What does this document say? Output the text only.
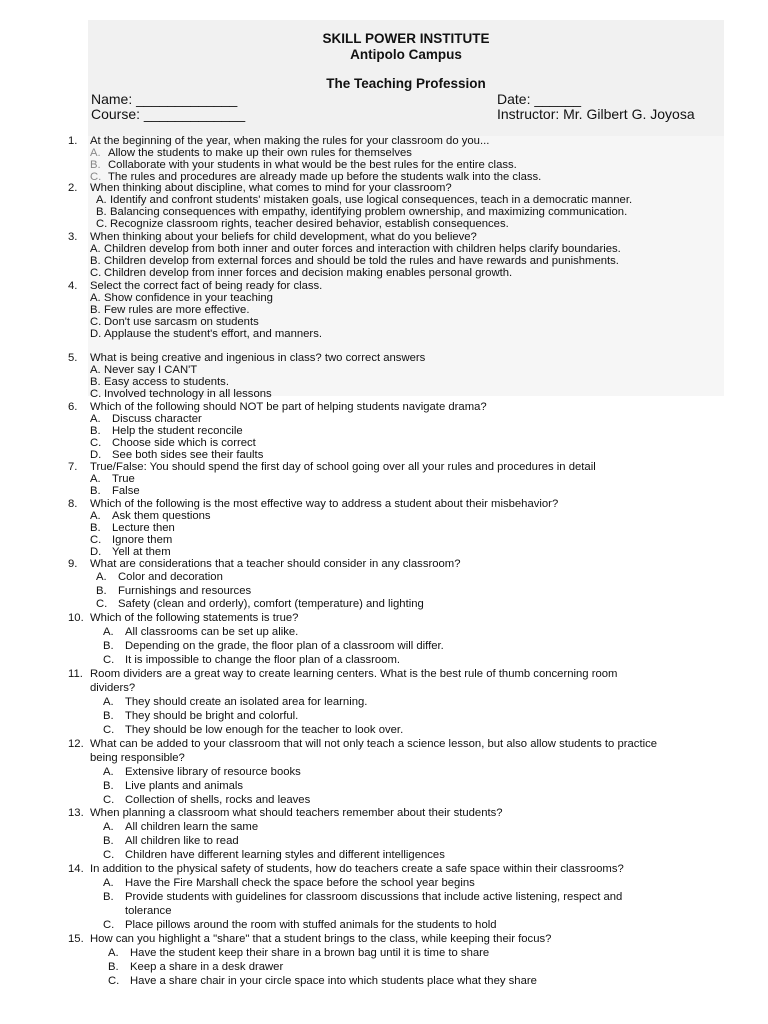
SKILL POWER INSTITUTE
Antipolo Campus
The Teaching Profession
Name: _____________
Course: _____________
Date: ______
Instructor: Mr. Gilbert G. Joyosa
1. At the beginning of the year, when making the rules for your classroom do you...
A. Allow the students to make up their own rules for themselves
B. Collaborate with your students in what would be the best rules for the entire class.
C. The rules and procedures are already made up before the students walk into the class.
2. When thinking about discipline, what comes to mind for your classroom?
A. Identify and confront students' mistaken goals, use logical consequences, teach in a democratic manner.
B. Balancing consequences with empathy, identifying problem ownership, and maximizing communication.
C. Recognize classroom rights, teacher desired behavior, establish consequences.
3. When thinking about your beliefs for child development, what do you believe?
A. Children develop from both inner and outer forces and interaction with children helps clarify boundaries.
B. Children develop from external forces and should be told the rules and have rewards and punishments.
C. Children develop from inner forces and decision making enables personal growth.
4. Select the correct fact of being ready for class.
A. Show confidence in your teaching
B. Few rules are more effective.
C. Don't use sarcasm on students
D. Applause the student's effort, and manners.
5. What is being creative and ingenious in class? two correct answers
A. Never say I CAN'T
B. Easy access to students.
C. Involved technology in all lessons
6. Which of the following should NOT be part of helping students navigate drama?
A. Discuss character
B. Help the student reconcile
C. Choose side which is correct
D. See both sides see their faults
7. True/False: You should spend the first day of school going over all your rules and procedures in detail
A. True
B. False
8. Which of the following is the most effective way to address a student about their misbehavior?
A. Ask them questions
B. Lecture then
C. Ignore them
D. Yell at them
9. What are considerations that a teacher should consider in any classroom?
A. Color and decoration
B. Furnishings and resources
C. Safety (clean and orderly), comfort (temperature) and lighting
10. Which of the following statements is true?
A. All classrooms can be set up alike.
B. Depending on the grade, the floor plan of a classroom will differ.
C. It is impossible to change the floor plan of a classroom.
11. Room dividers are a great way to create learning centers. What is the best rule of thumb concerning room
dividers?
A. They should create an isolated area for learning.
B. They should be bright and colorful.
C. They should be low enough for the teacher to look over.
12. What can be added to your classroom that will not only teach a science lesson, but also allow students to practice
being responsible?
A. Extensive library of resource books
B. Live plants and animals
C. Collection of shells, rocks and leaves
13. When planning a classroom what should teachers remember about their students?
A. All children learn the same
B. All children like to read
C. Children have different learning styles and different intelligences
14. In addition to the physical safety of students, how do teachers create a safe space within their classrooms?
A. Have the Fire Marshall check the space before the school year begins
B. Provide students with guidelines for classroom discussions that include active listening, respect and
tolerance
C. Place pillows around the room with stuffed animals for the students to hold
15. How can you highlight a "share" that a student brings to the class, while keeping their focus?
A. Have the student keep their share in a brown bag until it is time to share
B. Keep a share in a desk drawer
C. Have a share chair in your circle space into which students place what they share
